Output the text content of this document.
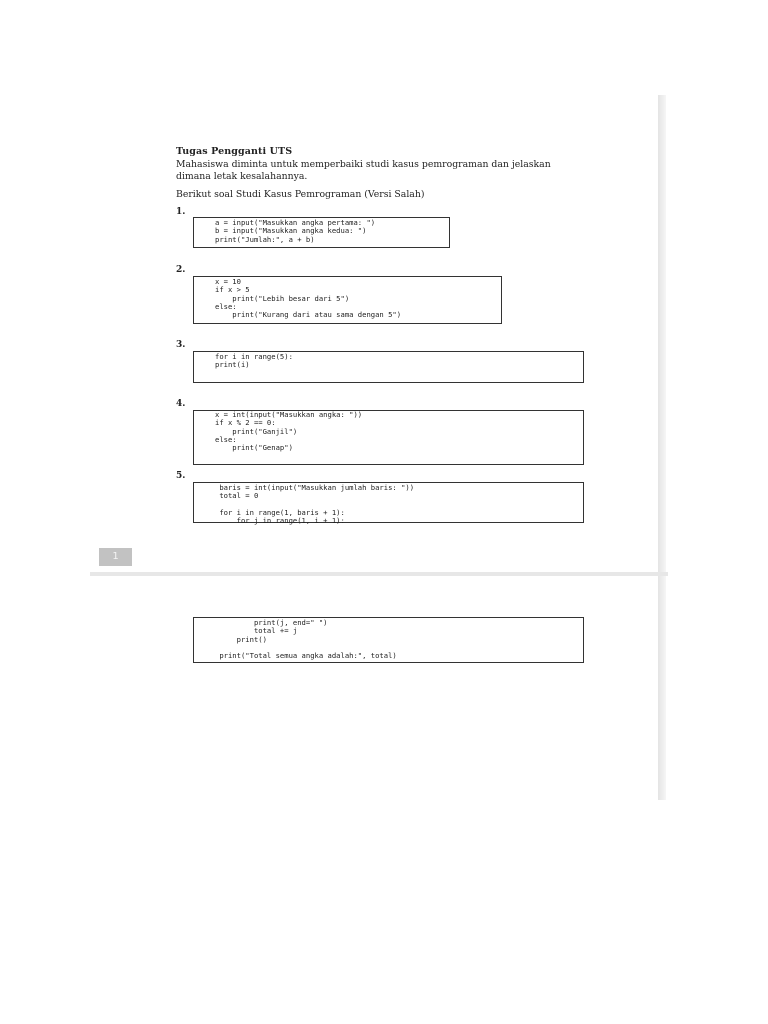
Tugas Pengganti UTS
Mahasiswa diminta untuk memperbaiki studi kasus pemrograman dan jelaskan dimana letak kesalahannya.
Berikut soal Studi Kasus Pemrograman (Versi Salah)
1.
a = input("Masukkan angka pertama: ")
b = input("Masukkan angka kedua: ")
print("Jumlah:", a + b)
2.
x = 10
if x > 5
print("Lebih besar dari 5")
else:
print("Kurang dari atau sama dengan 5")
3.
for i in range(5):
print(i)
4.
x = int(input("Masukkan angka: "))
if x % 2 == 0:
print("Ganjil")
else:
print("Genap")
5.
baris = int(input("Masukkan jumlah baris: "))
total = 0

for i in range(1, baris + 1):
for j in range(1, i + 1):
1
print(j, end=" ")
total += j
print()

print("Total semua angka adalah:", total)
